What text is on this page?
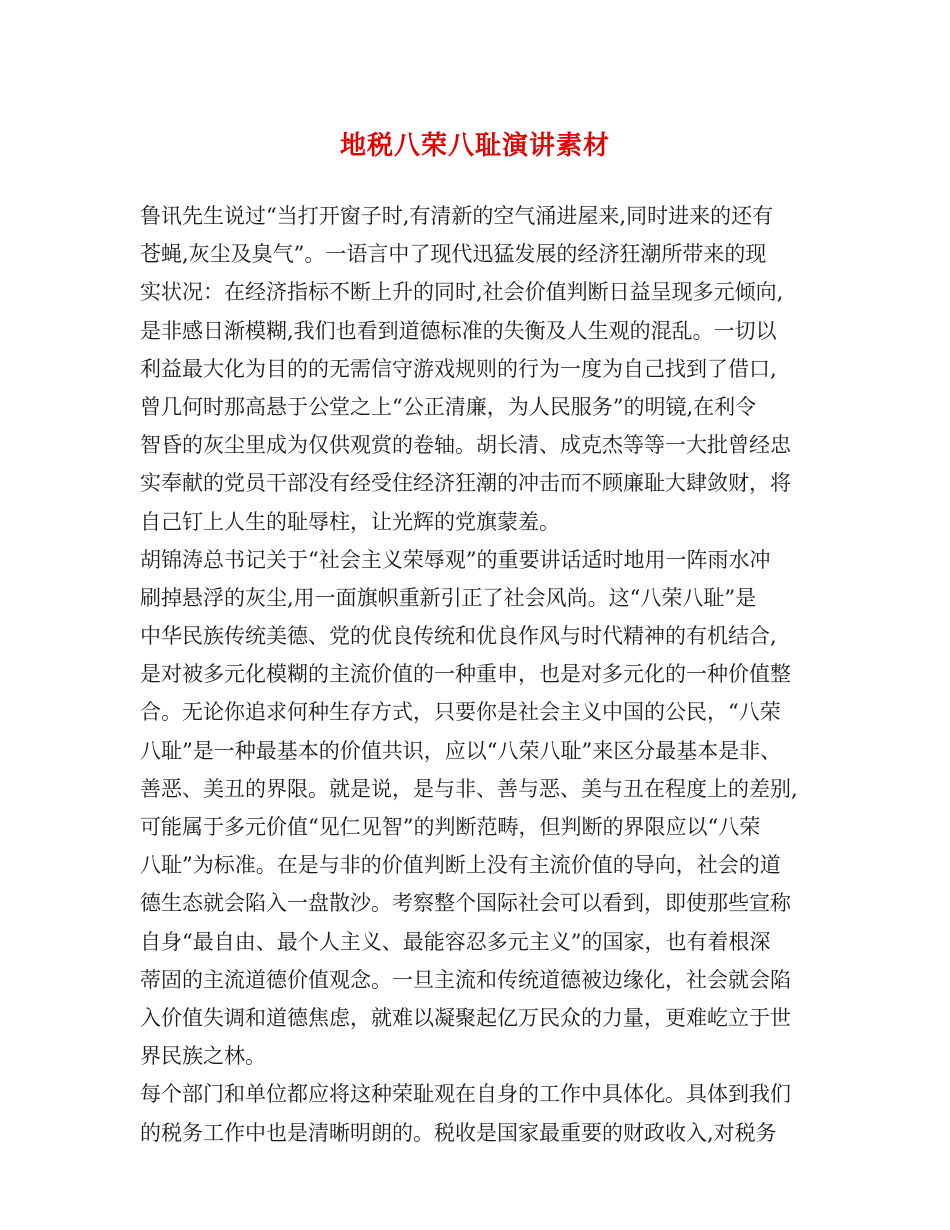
地税八荣八耻演讲素材
鲁讯先生说过“当打开窗子时,有清新的空气涌进屋来,同时进来的还有
苍蝇,灰尘及臭气”。一语言中了现代迅猛发展的经济狂潮所带来的现
实状况：在经济指标不断上升的同时,社会价值判断日益呈现多元倾向,
是非感日渐模糊,我们也看到道德标准的失衡及人生观的混乱。一切以
利益最大化为目的的无需信守游戏规则的行为一度为自己找到了借口,
曾几何时那高悬于公堂之上“公正清廉，为人民服务”的明镜,在利令
智昏的灰尘里成为仅供观赏的卷轴。胡长清、成克杰等等一大批曾经忠
实奉献的党员干部没有经受住经济狂潮的冲击而不顾廉耻大肆敛财，将
自己钉上人生的耻辱柱，让光辉的党旗蒙羞。
胡锦涛总书记关于“社会主义荣辱观”的重要讲话适时地用一阵雨水冲
刷掉悬浮的灰尘,用一面旗帜重新引正了社会风尚。这“八荣八耻”是
中华民族传统美德、党的优良传统和优良作风与时代精神的有机结合,
是对被多元化模糊的主流价值的一种重申，也是对多元化的一种价值整
合。无论你追求何种生存方式，只要你是社会主义中国的公民，“八荣
八耻”是一种最基本的价值共识，应以“八荣八耻”来区分最基本是非、
善恶、美丑的界限。就是说，是与非、善与恶、美与丑在程度上的差别,
可能属于多元价值“见仁见智”的判断范畴，但判断的界限应以“八荣
八耻”为标准。在是与非的价值判断上没有主流价值的导向，社会的道
德生态就会陷入一盘散沙。考察整个国际社会可以看到，即使那些宣称
自身“最自由、最个人主义、最能容忍多元主义”的国家，也有着根深
蒂固的主流道德价值观念。一旦主流和传统道德被边缘化，社会就会陷
入价值失调和道德焦虑，就难以凝聚起亿万民众的力量，更难屹立于世
界民族之林。
每个部门和单位都应将这种荣耻观在自身的工作中具体化。具体到我们
的税务工作中也是清晰明朗的。税收是国家最重要的财政收入,对税务
